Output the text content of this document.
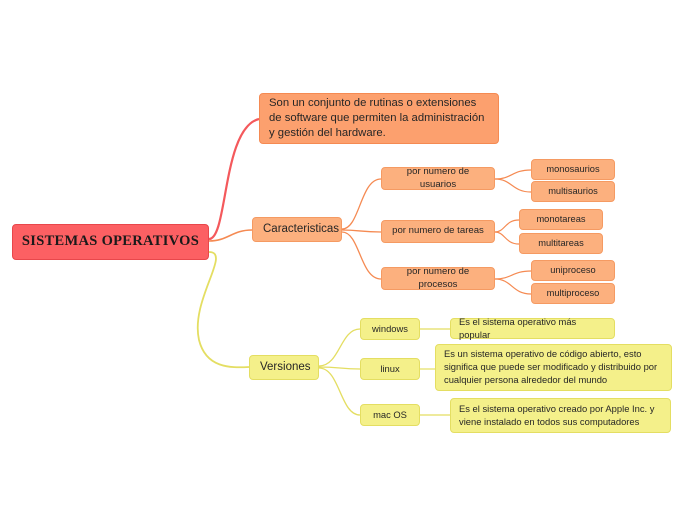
SISTEMAS OPERATIVOS
Son un conjunto de rutinas o extensiones de software que permiten la administración y gestión del hardware.
Caracteristicas
por numero de usuarios
monosaurios
multisaurios
por numero de tareas
monotareas
multitareas
por numero de procesos
uniproceso
multiproceso
Versiones
windows
Es el sistema operativo más popular
linux
Es un sistema operativo de código abierto, esto significa que puede ser modificado y distribuido por cualquier persona alrededor del mundo
mac OS
Es el sistema operativo creado por Apple Inc. y viene instalado en todos sus computadores
